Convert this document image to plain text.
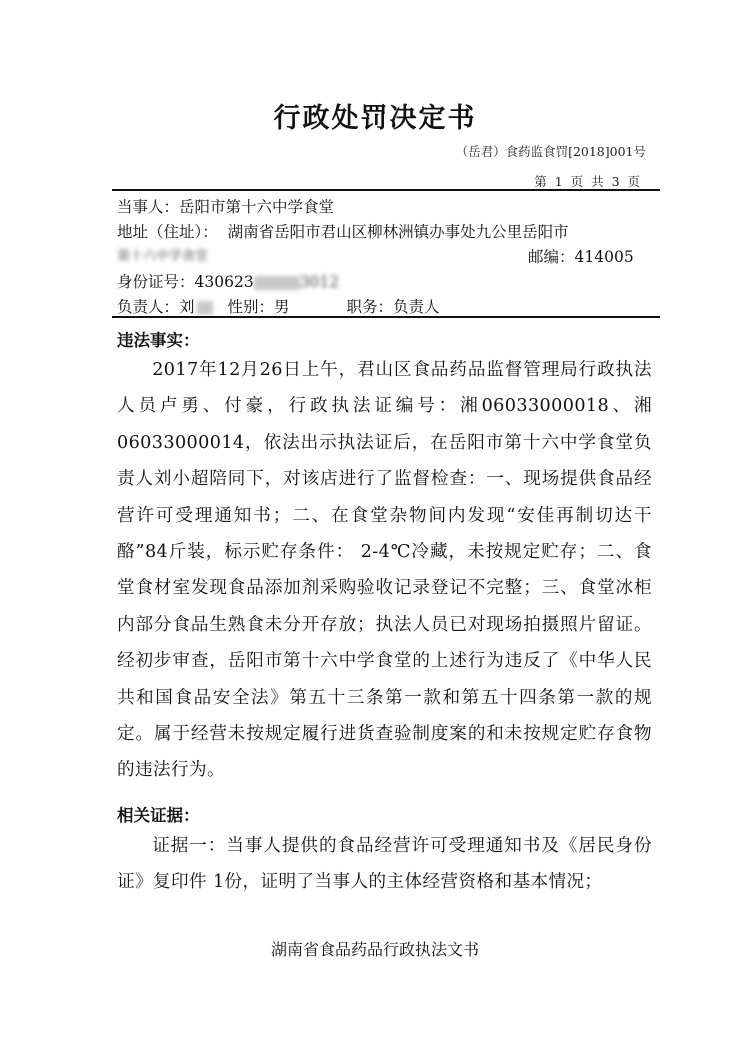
行政处罚决定书
（岳君）食药监食罚[2018]001号
第 1 页 共 3 页
当事人：岳阳市第十六中学食堂
地址（住址）： 湖南省岳阳市君山区柳林洲镇办事处九公里岳阳市
第十六中学食堂	邮编：414005
身份证号：430623	3012
负责人：刘 性别：男	职务：负责人
违法事实：
2017年12月26日上午，君山区食品药品监督管理局行政执法人员卢勇、付豪，行政执法证编号：湘06033000018、湘06033000014，依法出示执法证后，在岳阳市第十六中学食堂负责人刘小超陪同下，对该店进行了监督检查：一、现场提供食品经营许可受理通知书；二、在食堂杂物间内发现“安佳再制切达干酪”84斤装，标示贮存条件： 2-4℃冷藏，未按规定贮存；二、食堂食材室发现食品添加剂采购验收记录登记不完整；三、食堂冰柜内部分食品生熟食未分开存放；执法人员已对现场拍摄照片留证。经初步审查，岳阳市第十六中学食堂的上述行为违反了《中华人民共和国食品安全法》第五十三条第一款和第五十四条第一款的规定。属于经营未按规定履行进货查验制度案的和未按规定贮存食物的违法行为。
相关证据：
证据一：当事人提供的食品经营许可受理通知书及《居民身份证》复印件 1份，证明了当事人的主体经营资格和基本情况；
湖南省食品药品行政执法文书
